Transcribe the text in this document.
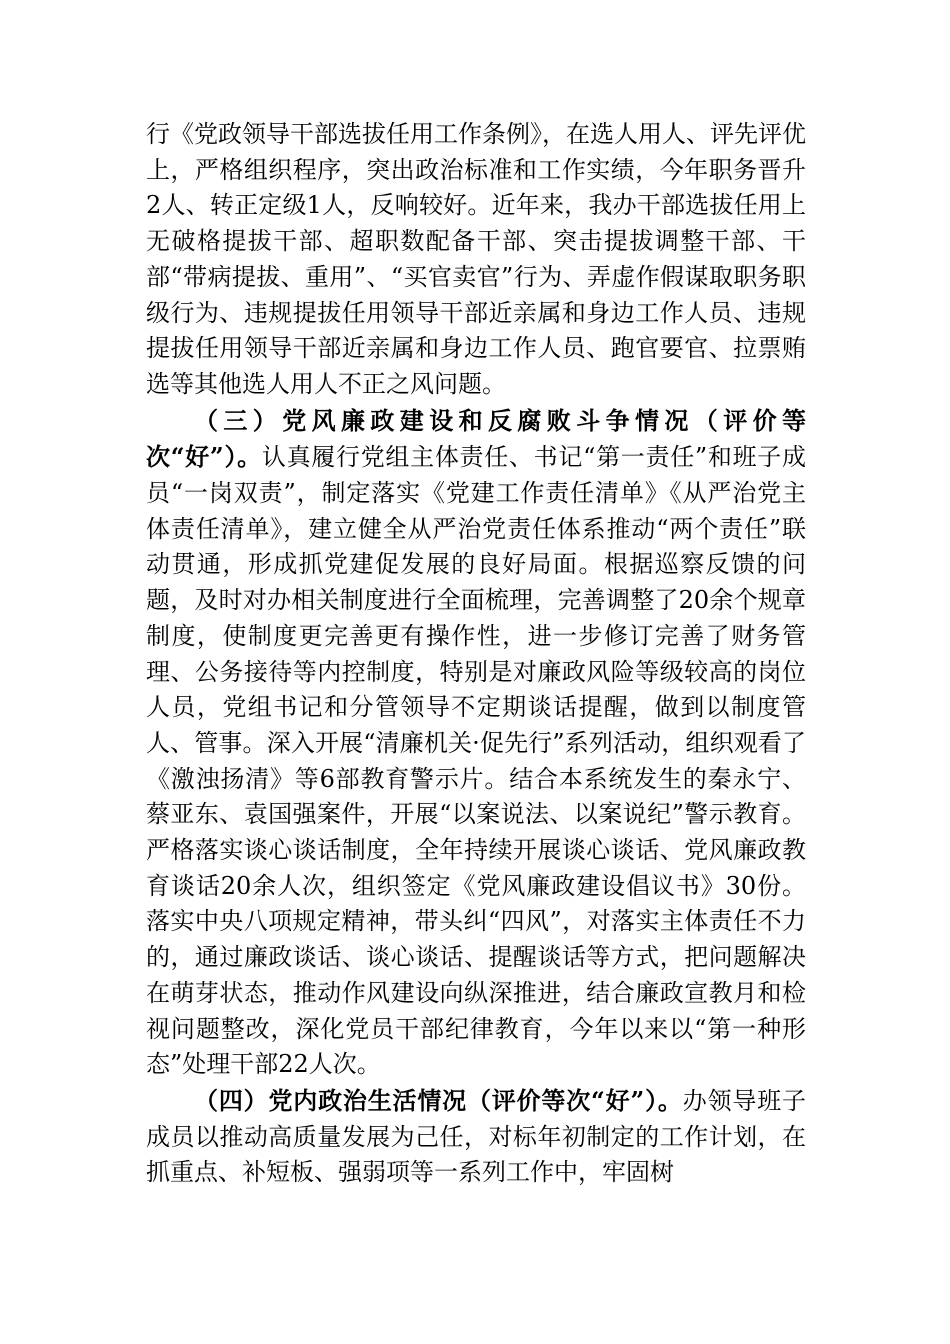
行《党政领导干部选拔任用工作条例》，在选人用人、评先评优上，严格组织程序，突出政治标准和工作实绩，今年职务晋升2人、转正定级1人，反响较好。近年来，我办干部选拔任用上无破格提拔干部、超职数配备干部、突击提拔调整干部、干部“带病提拔、重用”、“买官卖官”行为、弄虚作假谋取职务职级行为、违规提拔任用领导干部近亲属和身边工作人员、违规提拔任用领导干部近亲属和身边工作人员、跑官要官、拉票贿选等其他选人用人不正之风问题。

（三）党风廉政建设和反腐败斗争情况（评价等次“好”）。认真履行党组主体责任、书记“第一责任”和班子成员“一岗双责”，制定落实《党建工作责任清单》《从严治党主体责任清单》，建立健全从严治党责任体系推动“两个责任”联动贯通，形成抓党建促发展的良好局面。根据巡察反馈的问题，及时对办相关制度进行全面梳理，完善调整了20余个规章制度，使制度更完善更有操作性，进一步修订完善了财务管理、公务接待等内控制度，特别是对廉政风险等级较高的岗位人员，党组书记和分管领导不定期谈话提醒，做到以制度管人、管事。深入开展“清廉机关·促先行”系列活动，组织观看了《激浊扬清》等6部教育警示片。结合本系统发生的秦永宁、蔡亚东、袁国强案件，开展“以案说法、以案说纪”警示教育。严格落实谈心谈话制度，全年持续开展谈心谈话、党风廉政教育谈话20余人次，组织签定《党风廉政建设倡议书》30份。落实中央八项规定精神，带头纠“四风”，对落实主体责任不力的，通过廉政谈话、谈心谈话、提醒谈话等方式，把问题解决在萌芽状态，推动作风建设向纵深推进，结合廉政宣教月和检视问题整改，深化党员干部纪律教育，今年以来以“第一种形态”处理干部22人次。

（四）党内政治生活情况（评价等次“好”）。办领导班子成员以推动高质量发展为己任，对标年初制定的工作计划，在抓重点、补短板、强弱项等一系列工作中，牢固树
